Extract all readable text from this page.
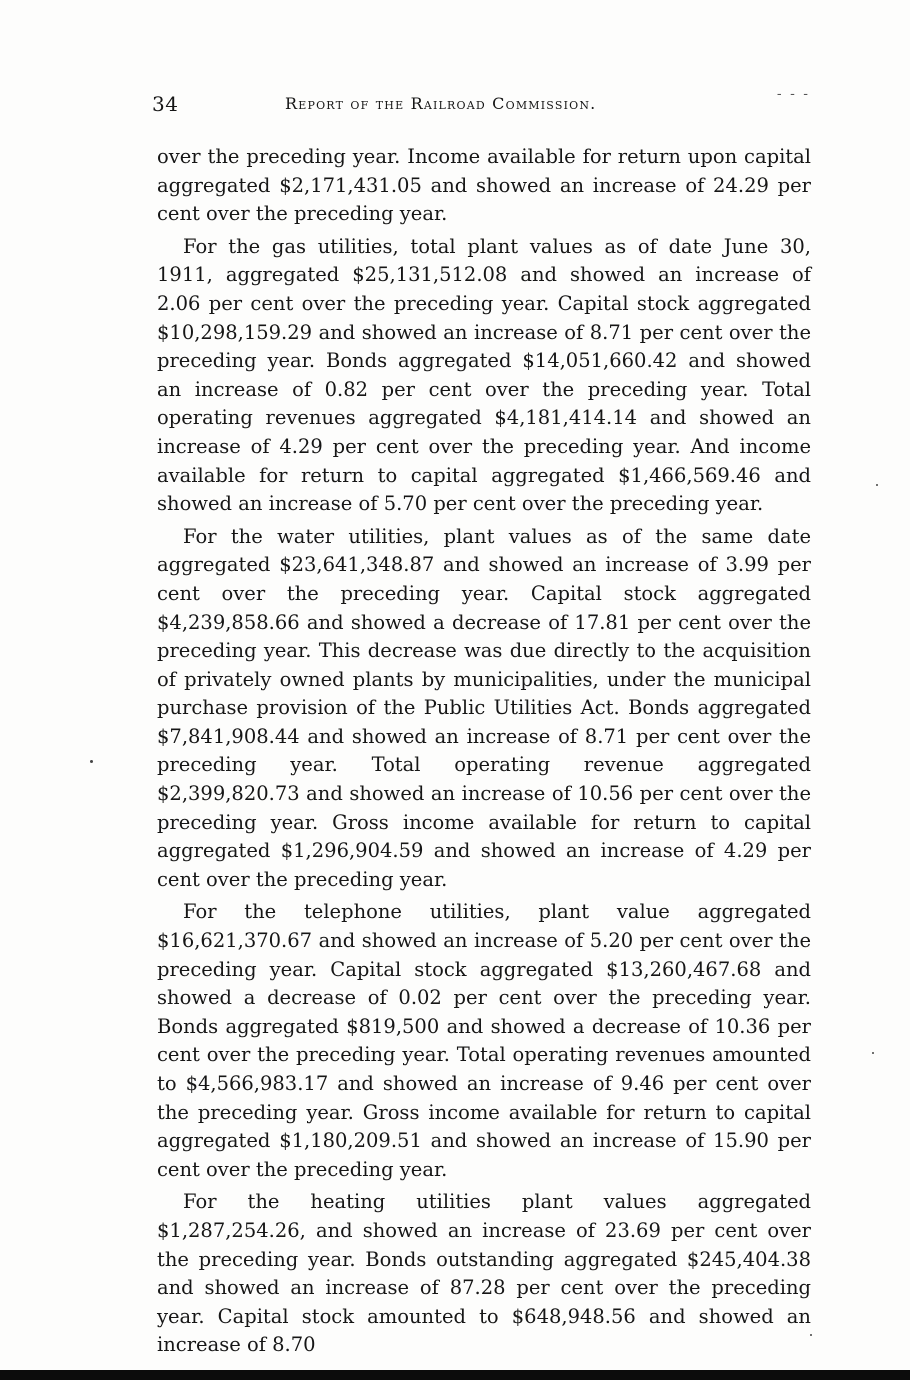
34	Report of the Railroad Commission.	- - -

over the preceding year. Income available for return upon capital aggregated $2,171,431.05 and showed an increase of 24.29 per cent over the preceding year.

For the gas utilities, total plant values as of date June 30, 1911, aggregated $25,131,512.08 and showed an increase of 2.06 per cent over the preceding year. Capital stock aggregated $10,298,159.29 and showed an increase of 8.71 per cent over the preceding year. Bonds aggregated $14,051,660.42 and showed an increase of 0.82 per cent over the preceding year. Total operating revenues aggregated $4,181,414.14 and showed an increase of 4.29 per cent over the preceding year. And income available for return to capital aggregated $1,466,569.46 and showed an increase of 5.70 per cent over the preceding year.

For the water utilities, plant values as of the same date aggregated $23,641,348.87 and showed an increase of 3.99 per cent over the preceding year. Capital stock aggregated $4,239,858.66 and showed a decrease of 17.81 per cent over the preceding year. This decrease was due directly to the acquisition of privately owned plants by municipalities, under the municipal purchase provision of the Public Utilities Act. Bonds aggregated $7,841,908.44 and showed an increase of 8.71 per cent over the preceding year. Total operating revenue aggregated $2,399,820.73 and showed an increase of 10.56 per cent over the preceding year. Gross income available for return to capital aggregated $1,296,904.59 and showed an increase of 4.29 per cent over the preceding year.

For the telephone utilities, plant value aggregated $16,621,370.67 and showed an increase of 5.20 per cent over the preceding year. Capital stock aggregated $13,260,467.68 and showed a decrease of 0.02 per cent over the preceding year. Bonds aggregated $819,500 and showed a decrease of 10.36 per cent over the preceding year. Total operating revenues amounted to $4,566,983.17 and showed an increase of 9.46 per cent over the preceding year. Gross income available for return to capital aggregated $1,180,209.51 and showed an increase of 15.90 per cent over the preceding year.

For the heating utilities plant values aggregated $1,287,254.26, and showed an increase of 23.69 per cent over the preceding year. Bonds outstanding aggregated $245,404.38 and showed an increase of 87.28 per cent over the preceding year. Capital stock amounted to $648,948.56 and showed an increase of 8.70
